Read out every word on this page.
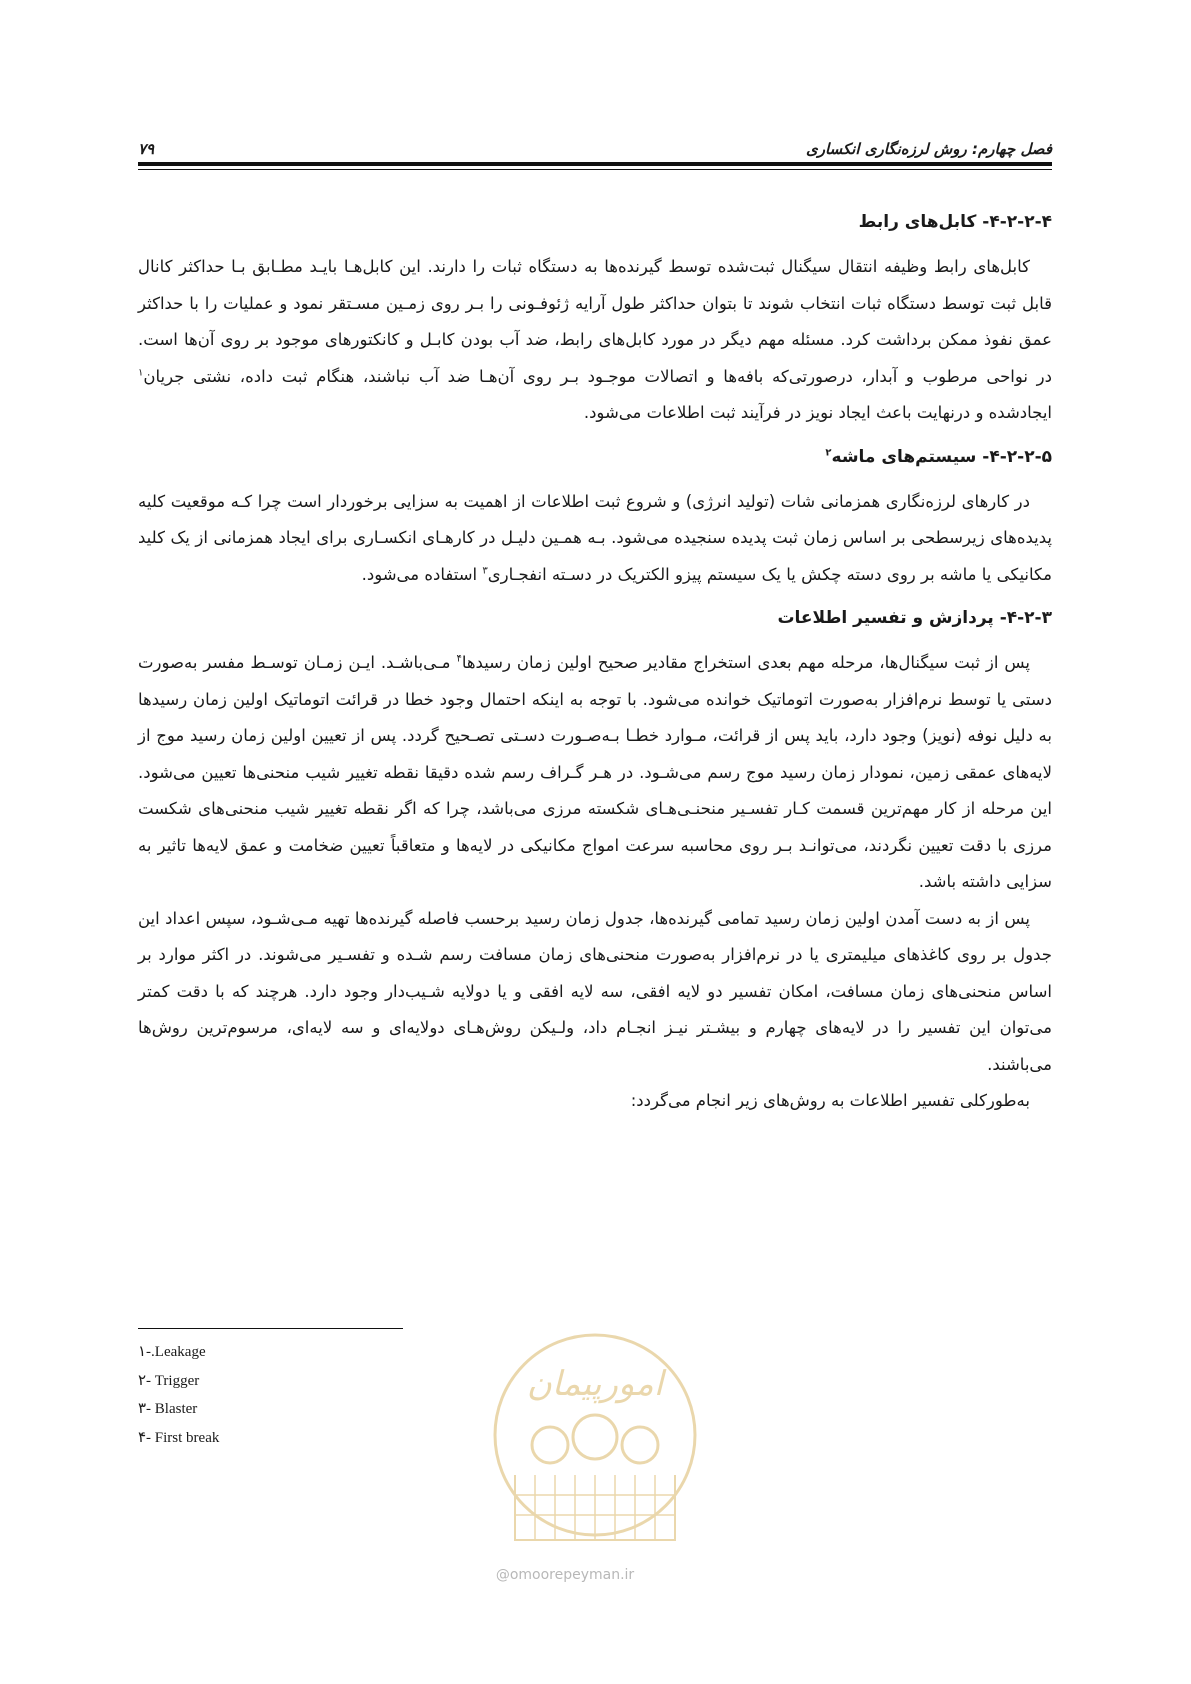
فصل چهارم: روش لرزه‌نگاری انکساری
۷۹
۴-۲-۲-۴- کابل‌های رابط

کابل‌های رابط وظیفه انتقال سیگنال ثبت‌شده توسط گیرنده‌ها به دستگاه ثبات را دارند. این کابل‌هـا بایـد مطـابق بـا حداکثر کانال قابل ثبت توسط دستگاه ثبات انتخاب شوند تا بتوان حداکثر طول آرایه ژئوفـونی را بـر روی زمـین مسـتقر نمود و عملیات را با حداکثر عمق نفوذ ممکن برداشت کرد. مسئله مهم دیگر در مورد کابل‌های رابط، ضد آب بودن کابـل و کانکتورهای موجود بر روی آن‌ها است. در نواحی مرطوب و آبدار، درصورتی‌که بافه‌ها و اتصالات موجـود بـر روی آن‌هـا ضد آب نباشند، هنگام ثبت داده، نشتی جریان$^۱$ ایجادشده و درنهایت باعث ایجاد نویز در فرآیند ثبت اطلاعات می‌شود.

۴-۲-۲-۵- سیستم‌های ماشه$^۲$

در کارهای لرزه‌نگاری همزمانی شات (تولید انرژی) و شروع ثبت اطلاعات از اهمیت به سزایی برخوردار است چرا کـه موقعیت کلیه پدیده‌های زیرسطحی بر اساس زمان ثبت پدیده سنجیده می‌شود. بـه همـین دلیـل در کارهـای انکسـاری برای ایجاد همزمانی از یک کلید مکانیکی یا ماشه بر روی دسته چکش یا یک سیستم پیزو الکتریک در دسـته انفجـاری$^۳$ استفاده می‌شود.

۴-۲-۳- پردازش و تفسیر اطلاعات

پس از ثبت سیگنال‌ها، مرحله مهم بعدی استخراج مقادیر صحیح اولین زمان رسیدها$^۴$ مـی‌باشـد. ایـن زمـان توسـط مفسر به‌صورت دستی یا توسط نرم‌افزار به‌صورت اتوماتیک خوانده می‌شود. با توجه به اینکه احتمال وجود خطا در قرائت اتوماتیک اولین زمان رسیدها به دلیل نوفه (نویز) وجود دارد، باید پس از قرائت، مـوارد خطـا بـه‌صـورت دسـتی تصـحیح گردد. پس از تعیین اولین زمان رسید موج از لایه‌های عمقی زمین، نمودار زمان رسید موج رسم می‌شـود. در هـر گـراف رسم شده دقیقا نقطه تغییر شیب منحنی‌ها تعیین می‌شود. این مرحله از کار مهم‌ترین قسمت کـار تفسـیر منحنـی‌هـای شکسته مرزی می‌باشد، چرا که اگر نقطه تغییر شیب منحنی‌های شکست مرزی با دقت تعیین نگردند، می‌توانـد بـر روی محاسبه سرعت امواج مکانیکی در لایه‌ها و متعاقباً تعیین ضخامت و عمق لایه‌ها تاثیر به سزایی داشته باشد.

پس از به دست آمدن اولین زمان رسید تمامی گیرنده‌ها، جدول زمان رسید برحسب فاصله گیرنده‌ها تهیه مـی‌شـود، سپس اعداد این جدول بر روی کاغذهای میلیمتری یا در نرم‌افزار به‌صورت منحنی‌های زمان مسافت رسم شـده و تفسـیر می‌شوند. در اکثر موارد بر اساس منحنی‌های زمان مسافت، امکان تفسیر دو لایه افقی، سه لایه افقی و یا دولایه شـیب‌دار وجود دارد. هرچند که با دقت کمتر می‌توان این تفسیر را در لایه‌های چهارم و بیشـتر نیـز انجـام داد، ولـیکن روش‌هـای دولایه‌ای و سه لایه‌ای، مرسوم‌ترین روش‌ها می‌باشند.

به‌طورکلی تفسیر اطلاعات به روش‌های زیر انجام می‌گردد:

امورپیمان
@omoorepeyman.ir
۱-.Leakage
۲- Trigger
۳- Blaster
۴- First break
